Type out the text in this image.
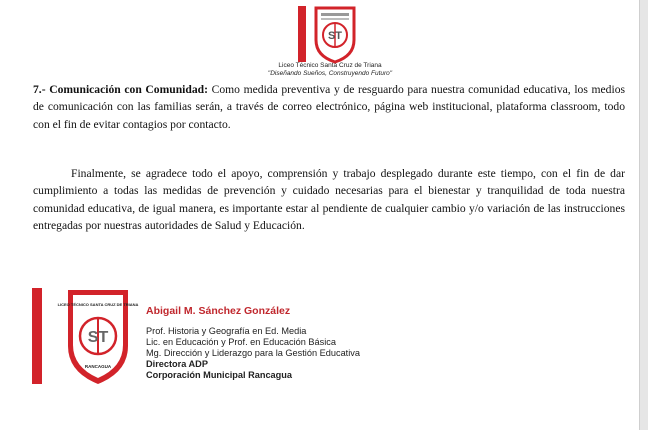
ST
Liceo Técnico Santa Cruz de Triana
"Diseñando Sueños, Construyendo Futuro"
7.- Comunicación con Comunidad: Como medida preventiva y de resguardo para nuestra comunidad educativa, los medios de comunicación con las familias serán, a través de correo electrónico, página web institucional, plataforma classroom, todo con el fin de evitar contagios por contacto.
Finalmente, se agradece todo el apoyo, comprensión y trabajo desplegado durante este tiempo, con el fin de dar cumplimiento a todas las medidas de prevención y cuidado necesarias para el bienestar y tranquilidad de toda nuestra comunidad educativa, de igual manera, es importante estar al pendiente de cualquier cambio y/o variación de las instrucciones entregadas por nuestras autoridades de Salud y Educación.
LICEO TÉCNICO SANTA CRUZ DE TRIANA
ST
RANCAGUA
Abigail M. Sánchez González
Prof. Historia y Geografía en Ed. Media
Lic. en Educación y Prof. en Educación Básica
Mg. Dirección y Liderazgo para la Gestión Educativa
Directora ADP
Corporación Municipal Rancagua
